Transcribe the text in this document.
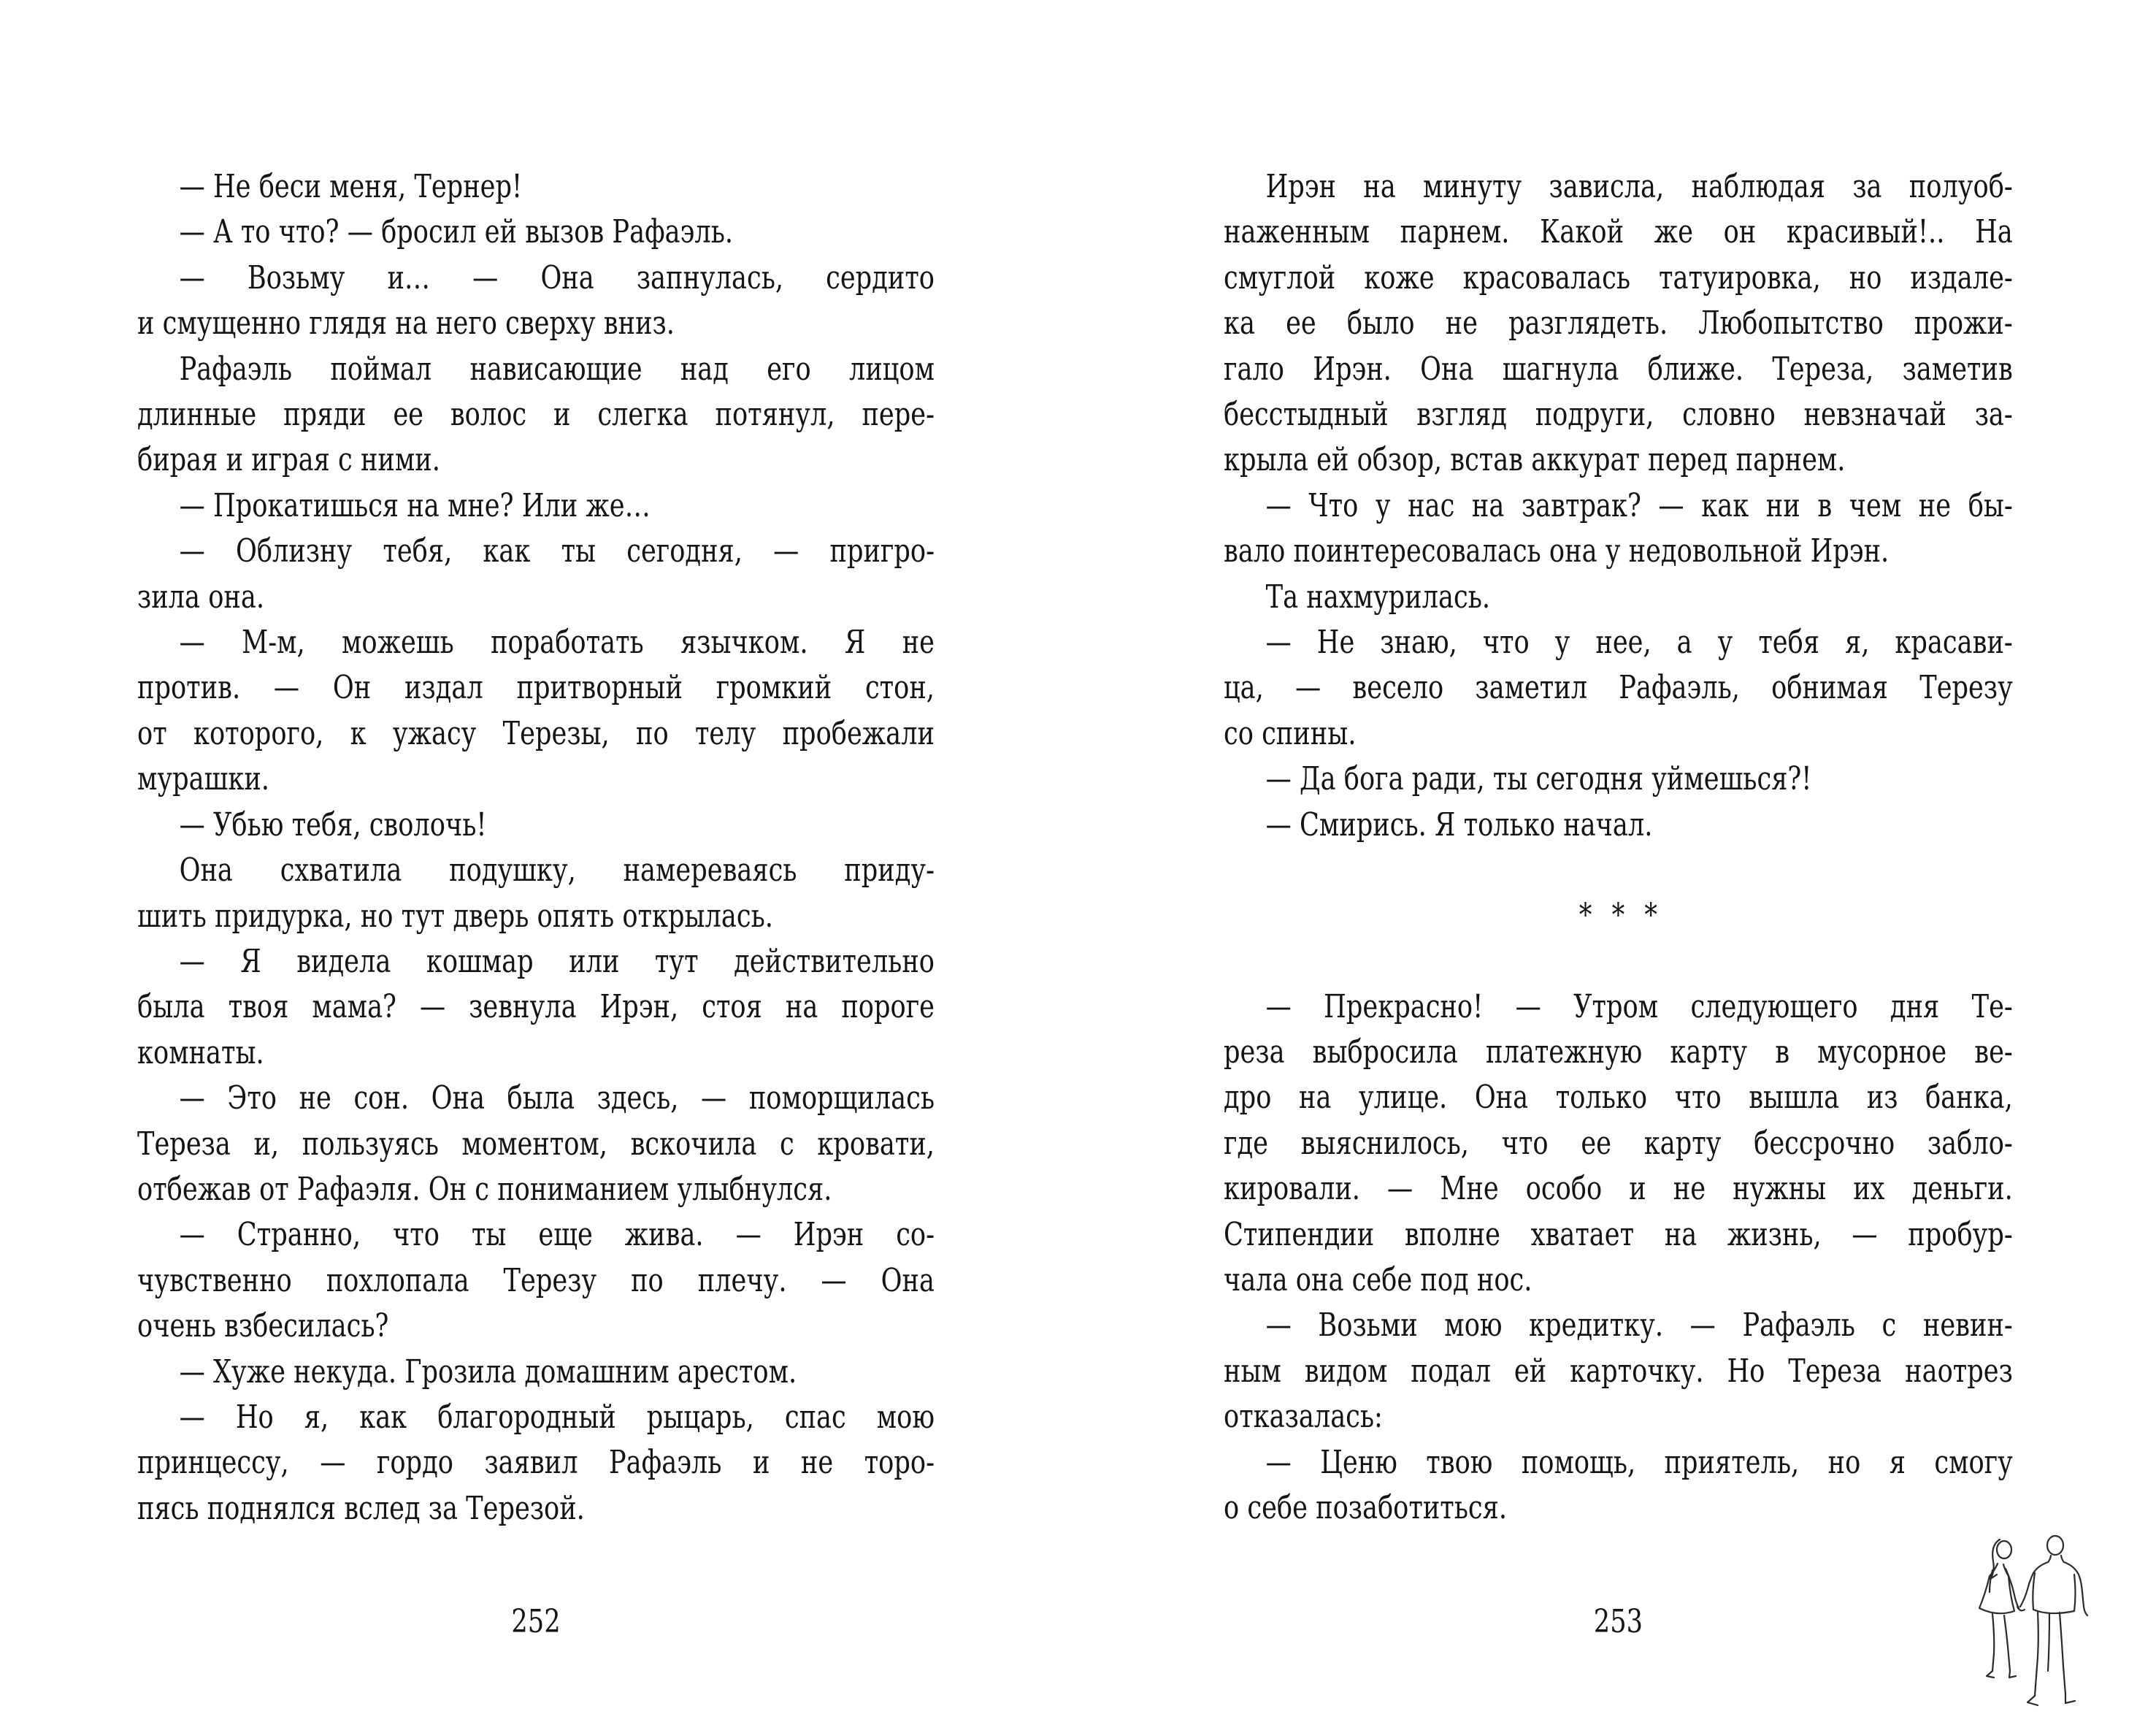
— Не беси меня, Тернер!
— А то что? — бросил ей вызов Рафаэль.
— Возьму и… — Она запнулась, сердито
и смущенно глядя на него сверху вниз.
Рафаэль поймал нависающие над его лицом
длинные пряди ее волос и слегка потянул, пере-
бирая и играя с ними.
— Прокатишься на мне? Или же…
— Облизну тебя, как ты сегодня, — пригро-
зила она.
— М-м, можешь поработать язычком. Я не
против. — Он издал притворный громкий стон,
от которого, к ужасу Терезы, по телу пробежали
мурашки.
— Убью тебя, сволочь!
Она схватила подушку, намереваясь приду-
шить придурка, но тут дверь опять открылась.
— Я видела кошмар или тут действительно
была твоя мама? — зевнула Ирэн, стоя на пороге
комнаты.
— Это не сон. Она была здесь, — поморщилась
Тереза и, пользуясь моментом, вскочила с кровати,
отбежав от Рафаэля. Он с пониманием улыбнулся.
— Странно, что ты еще жива. — Ирэн со-
чувственно похлопала Терезу по плечу. — Она
очень взбесилась?
— Хуже некуда. Грозила домашним арестом.
— Но я, как благородный рыцарь, спас мою
принцессу, — гордо заявил Рафаэль и не торо-
пясь поднялся вслед за Терезой.
252
Ирэн на минуту зависла, наблюдая за полуоб-
наженным парнем. Какой же он красивый!.. На
смуглой коже красовалась татуировка, но издале-
ка ее было не разглядеть. Любопытство прожи-
гало Ирэн. Она шагнула ближе. Тереза, заметив
бесстыдный взгляд подруги, словно невзначай за-
крыла ей обзор, встав аккурат перед парнем.
— Что у нас на завтрак? — как ни в чем не бы-
вало поинтересовалась она у недовольной Ирэн.
Та нахмурилась.
— Не знаю, что у нее, а у тебя я, красави-
ца, — весело заметил Рафаэль, обнимая Терезу
со спины.
— Да бога ради, ты сегодня уймешься?!
— Смирись. Я только начал.
* * *
— Прекрасно! — Утром следующего дня Те-
реза выбросила платежную карту в мусорное ве-
дро на улице. Она только что вышла из банка,
где выяснилось, что ее карту бессрочно забло-
кировали. — Мне особо и не нужны их деньги.
Стипендии вполне хватает на жизнь, — пробур-
чала она себе под нос.
— Возьми мою кредитку. — Рафаэль с невин-
ным видом подал ей карточку. Но Тереза наотрез
отказалась:
— Ценю твою помощь, приятель, но я смогу
о себе позаботиться.
253
